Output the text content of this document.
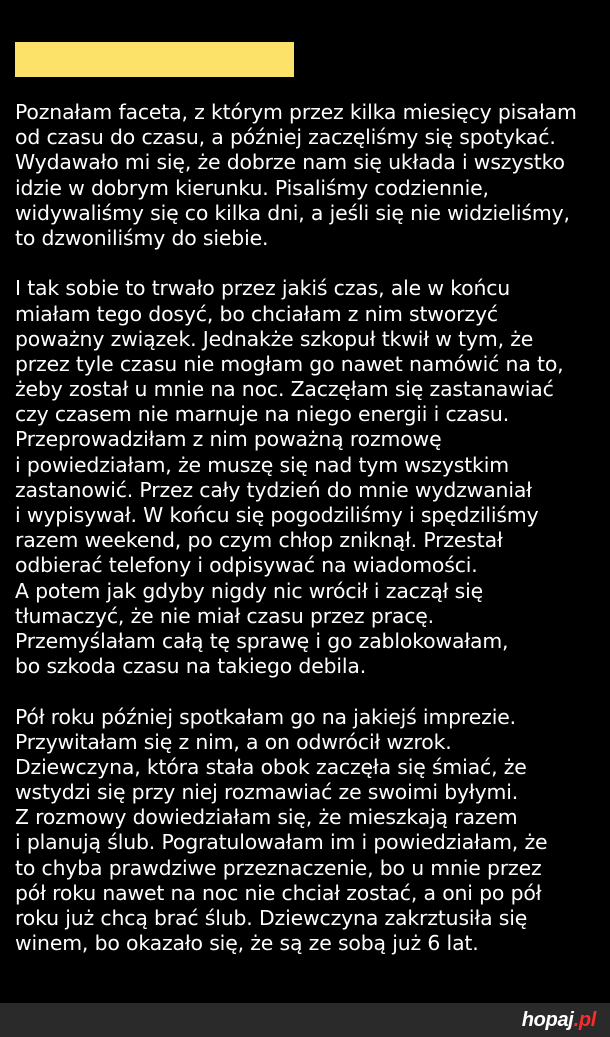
Poznałam faceta, z którym przez kilka miesięcy pisałam
od czasu do czasu, a później zaczęliśmy się spotykać.
Wydawało mi się, że dobrze nam się układa i wszystko
idzie w dobrym kierunku. Pisaliśmy codziennie,
widywaliśmy się co kilka dni, a jeśli się nie widzieliśmy,
to dzwoniliśmy do siebie.
I tak sobie to trwało przez jakiś czas, ale w końcu
miałam tego dosyć, bo chciałam z nim stworzyć
poważny związek. Jednakże szkopuł tkwił w tym, że
przez tyle czasu nie mogłam go nawet namówić na to,
żeby został u mnie na noc. Zaczęłam się zastanawiać
czy czasem nie marnuje na niego energii i czasu.
Przeprowadziłam z nim poważną rozmowę
i powiedziałam, że muszę się nad tym wszystkim
zastanowić. Przez cały tydzień do mnie wydzwaniał
i wypisywał. W końcu się pogodziliśmy i spędziliśmy
razem weekend, po czym chłop zniknął. Przestał
odbierać telefony i odpisywać na wiadomości.
A potem jak gdyby nigdy nic wrócił i zaczął się
tłumaczyć, że nie miał czasu przez pracę.
Przemyślałam całą tę sprawę i go zablokowałam,
bo szkoda czasu na takiego debila.
Pół roku później spotkałam go na jakiejś imprezie.
Przywitałam się z nim, a on odwrócił wzrok.
Dziewczyna, która stała obok zaczęła się śmiać, że
wstydzi się przy niej rozmawiać ze swoimi byłymi.
Z rozmowy dowiedziałam się, że mieszkają razem
i planują ślub. Pogratulowałam im i powiedziałam, że
to chyba prawdziwe przeznaczenie, bo u mnie przez
pół roku nawet na noc nie chciał zostać, a oni po pół
roku już chcą brać ślub. Dziewczyna zakrztusiła się
winem, bo okazało się, że są ze sobą już 6 lat.
hopaj.pl
